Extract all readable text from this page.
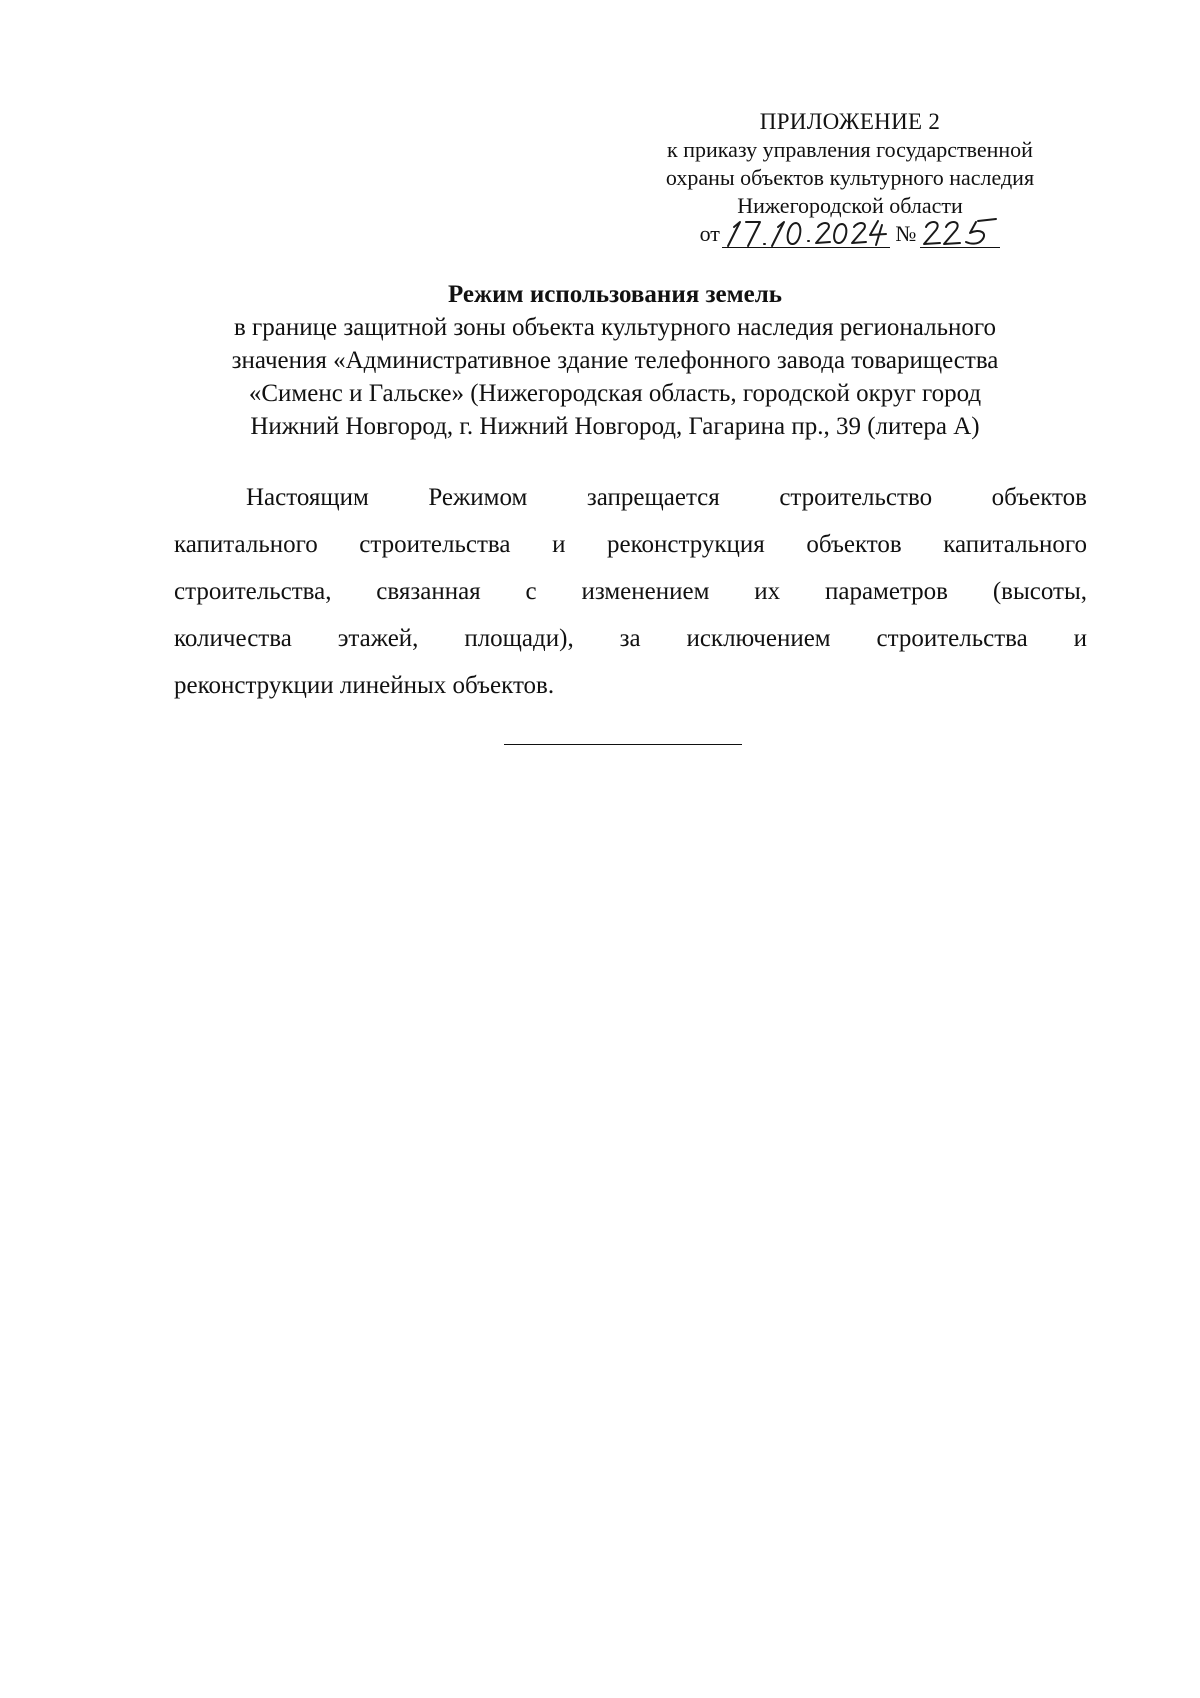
ПРИЛОЖЕНИЕ 2
к приказу управления государственной
охраны объектов культурного наследия
Нижегородской области
от	№
Режим использования земель
в границе защитной зоны объекта культурного наследия регионального
значения «Административное здание телефонного завода товарищества
«Сименс и Гальске» (Нижегородская область, городской округ город
Нижний Новгород, г. Нижний Новгород, Гагарина пр., 39 (литера А)
Настоящим Режимом запрещается строительство объектов
капитального строительства и реконструкция объектов капитального
строительства, связанная с изменением их параметров (высоты,
количества этажей, площади), за исключением строительства и
реконструкции линейных объектов.
